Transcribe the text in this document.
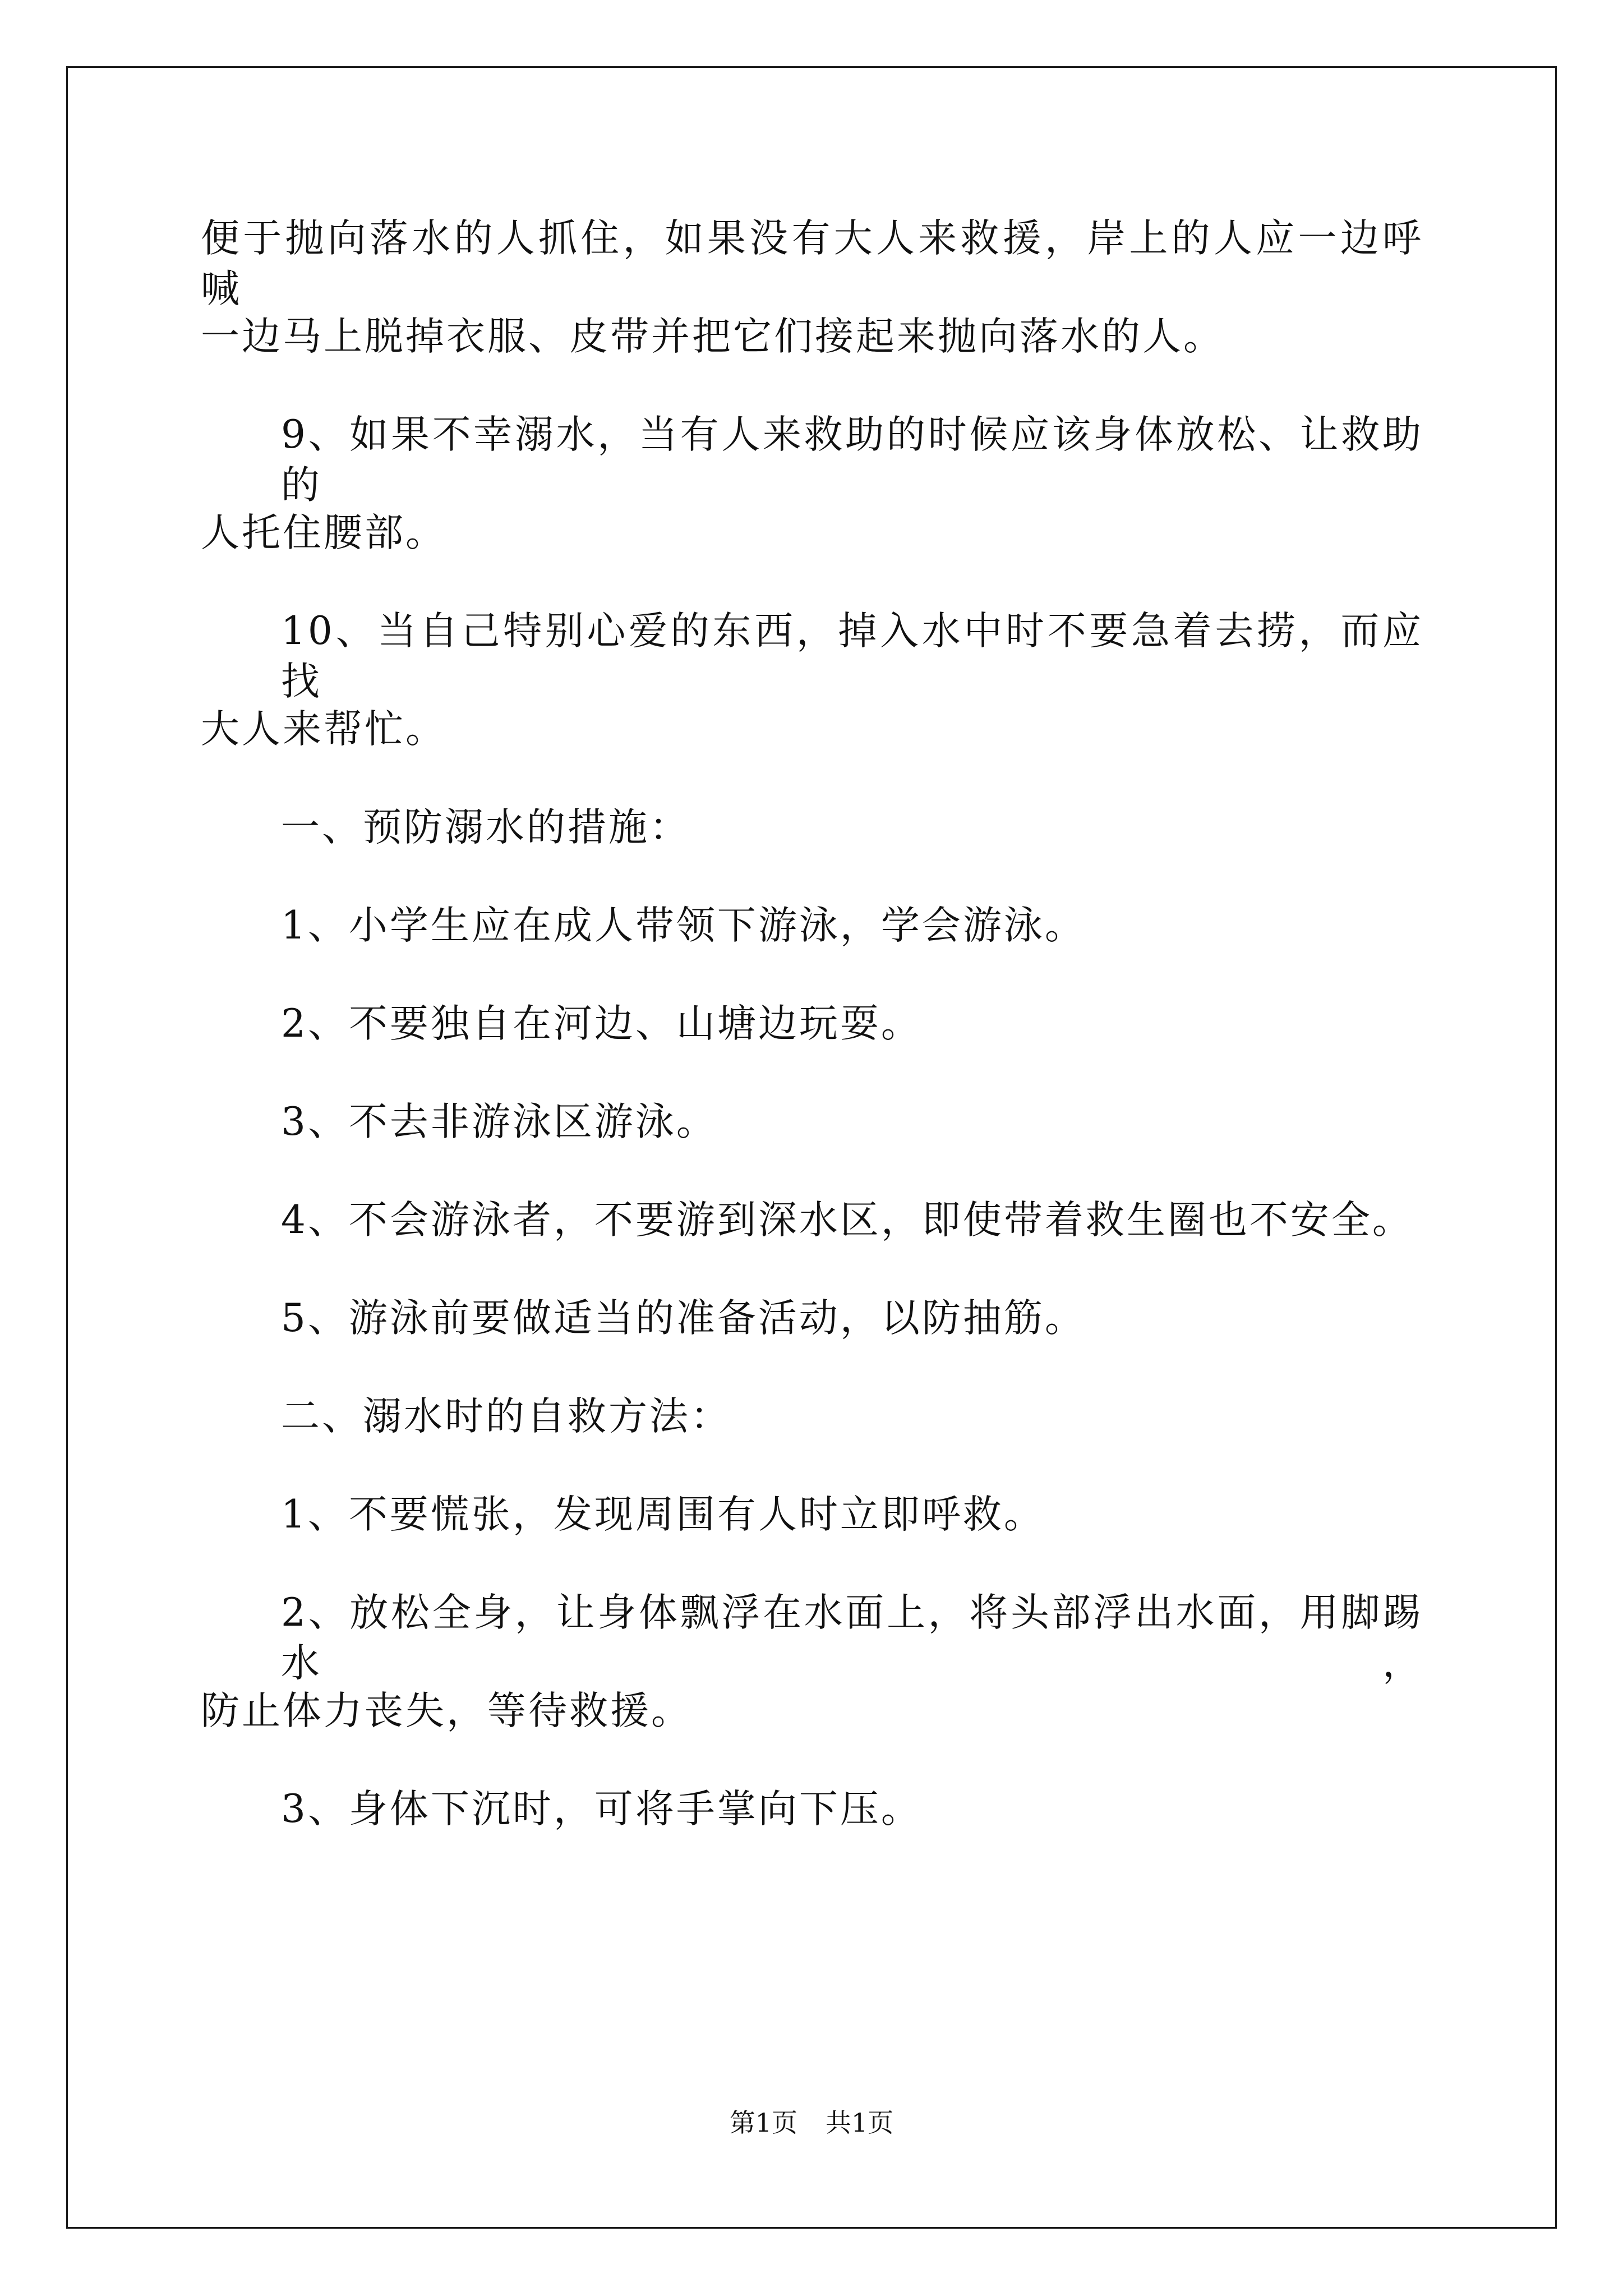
便于抛向落水的人抓住，如果没有大人来救援，岸上的人应一边呼喊
一边马上脱掉衣服、皮带并把它们接起来抛向落水的人。
9、如果不幸溺水，当有人来救助的时候应该身体放松、让救助的
人托住腰部。
10、当自己特别心爱的东西，掉入水中时不要急着去捞，而应找
大人来帮忙。
一、预防溺水的措施：
1、小学生应在成人带领下游泳，学会游泳。
2、不要独自在河边、山塘边玩耍。
3、不去非游泳区游泳。
4、不会游泳者，不要游到深水区，即使带着救生圈也不安全。
5、游泳前要做适当的准备活动，以防抽筋。
二、溺水时的自救方法：
1、不要慌张，发现周围有人时立即呼救。
2、放松全身，让身体飘浮在水面上，将头部浮出水面，用脚踢水，
防止体力丧失，等待救援。
3、身体下沉时，可将手掌向下压。
第1页 共1页
